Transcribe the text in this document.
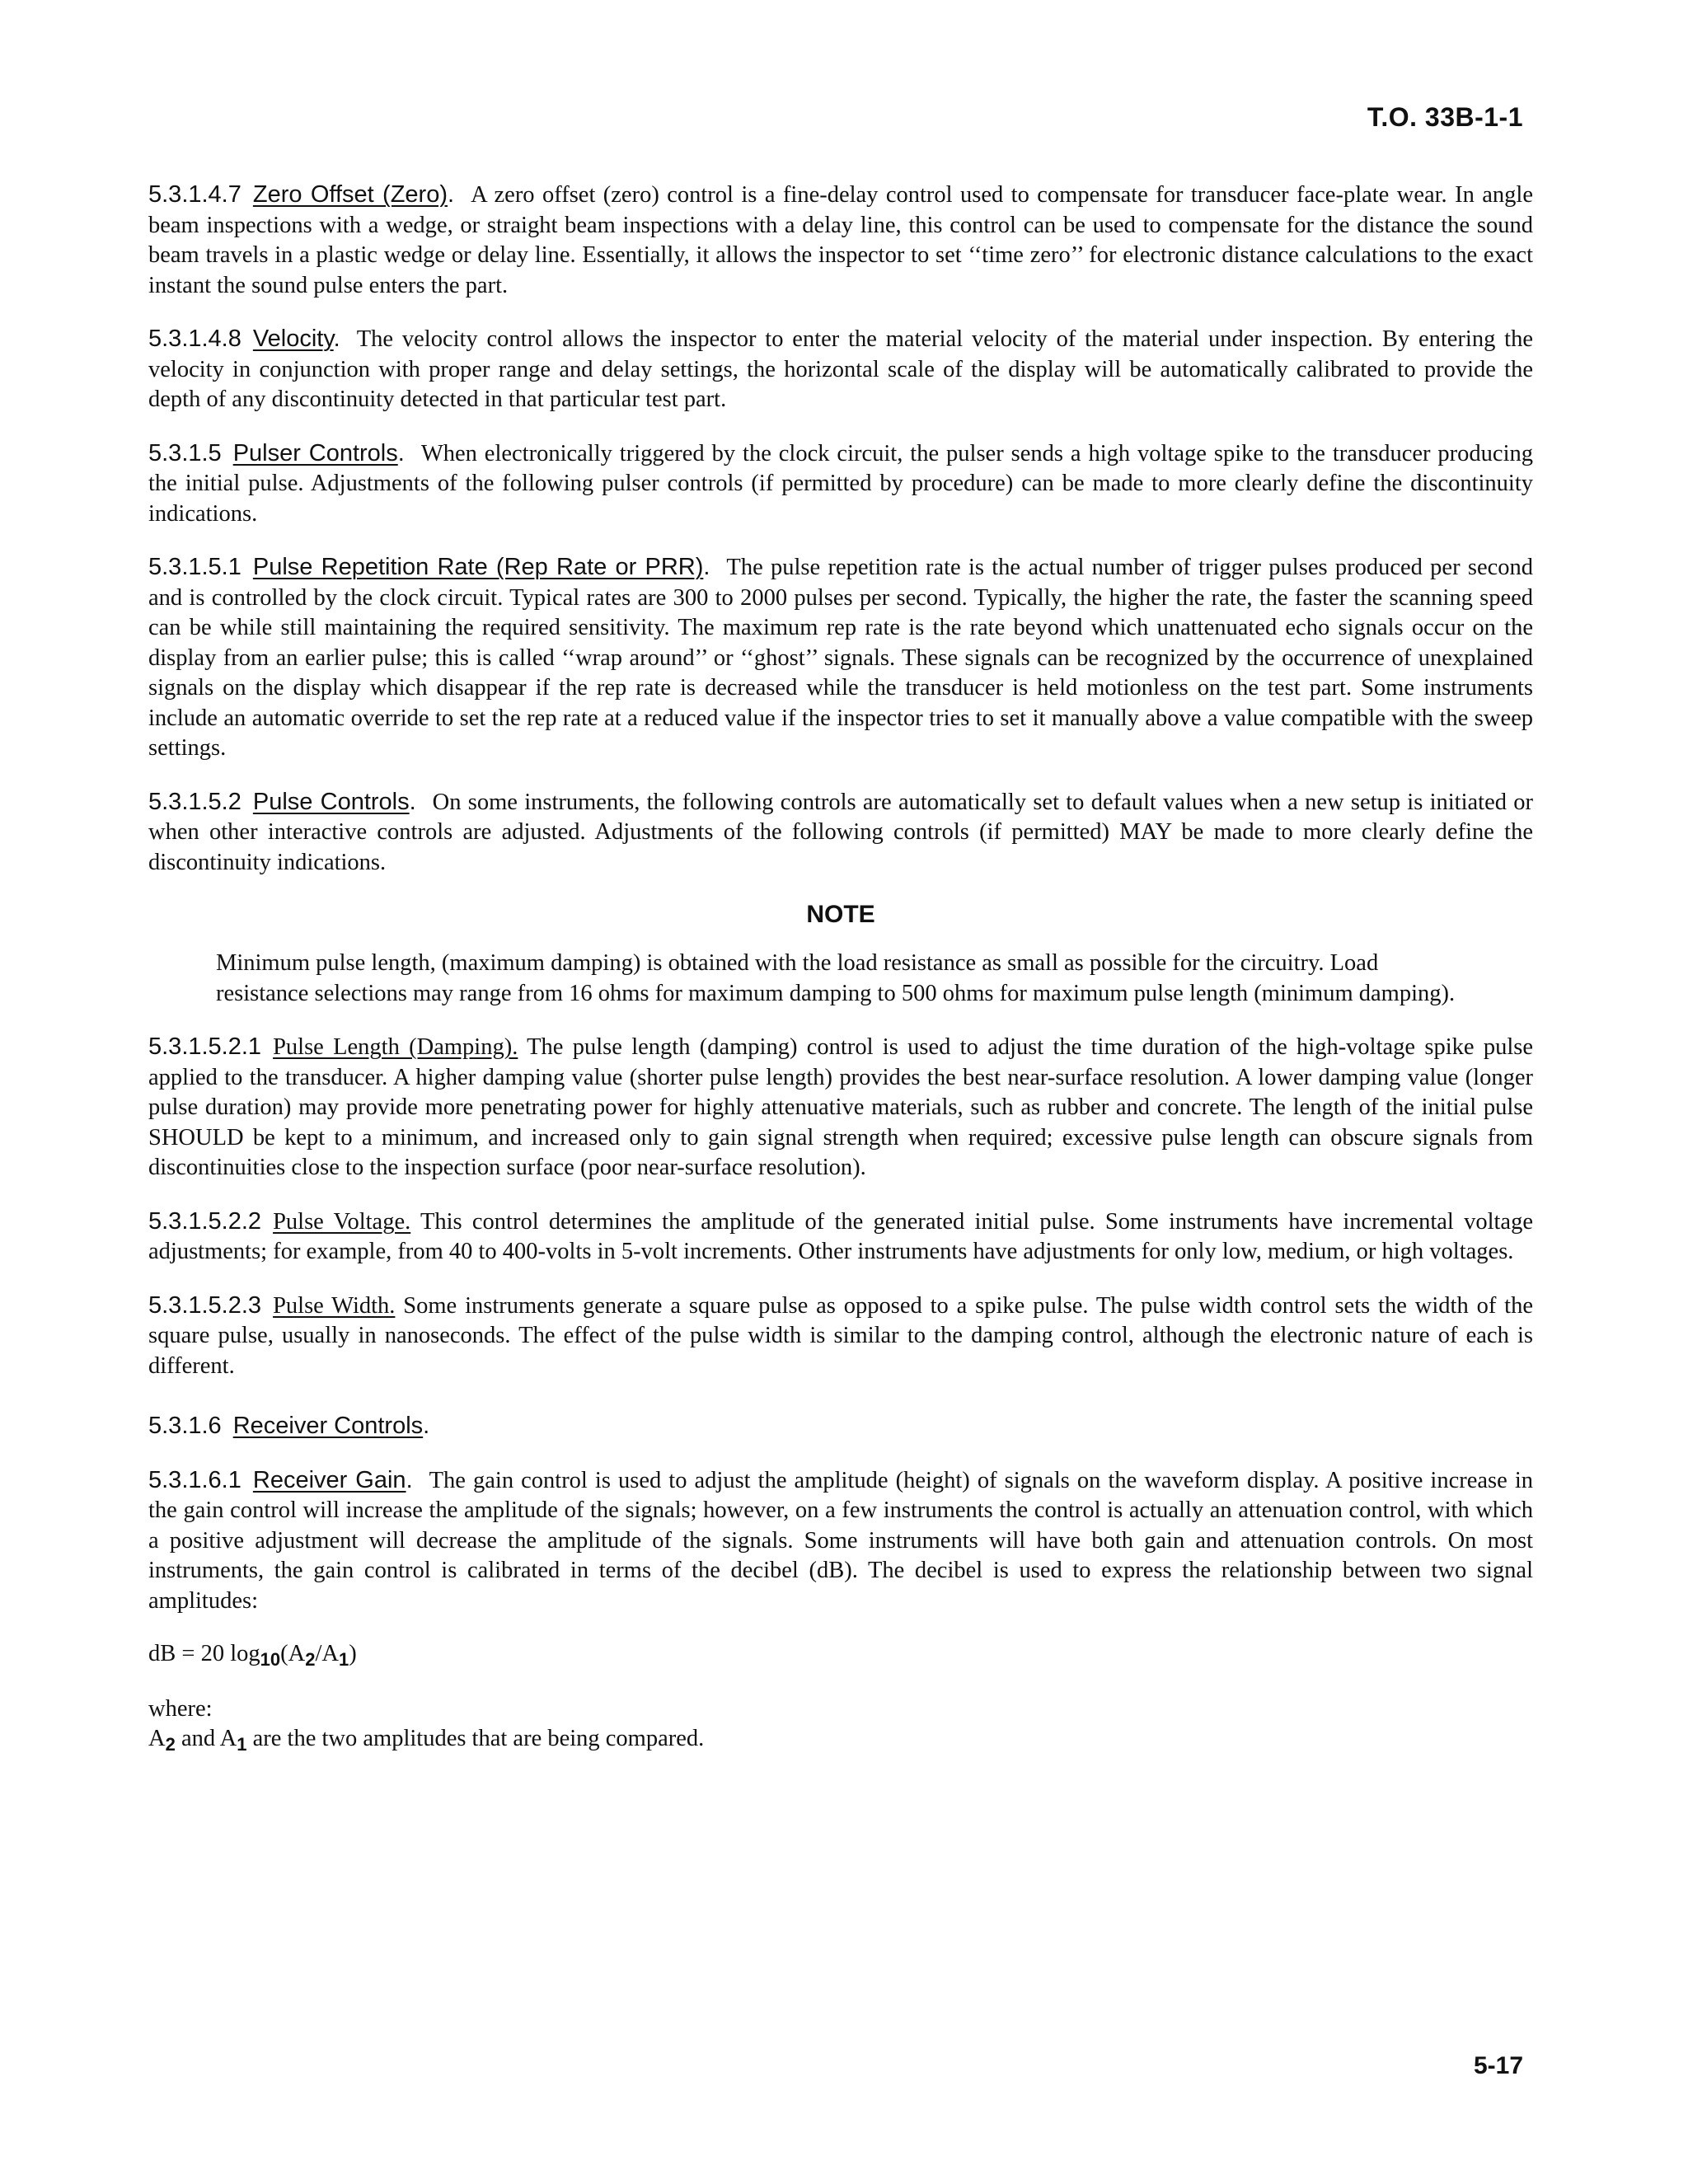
T.O. 33B-1-1

5.3.1.4.7 Zero Offset (Zero). A zero offset (zero) control is a fine-delay control used to compensate for transducer face-plate wear. In angle beam inspections with a wedge, or straight beam inspections with a delay line, this control can be used to compensate for the distance the sound beam travels in a plastic wedge or delay line. Essentially, it allows the inspector to set ‘‘time zero’’ for electronic distance calculations to the exact instant the sound pulse enters the part.

5.3.1.4.8 Velocity. The velocity control allows the inspector to enter the material velocity of the material under inspection. By entering the velocity in conjunction with proper range and delay settings, the horizontal scale of the display will be automatically calibrated to provide the depth of any discontinuity detected in that particular test part.

5.3.1.5 Pulser Controls. When electronically triggered by the clock circuit, the pulser sends a high voltage spike to the transducer producing the initial pulse. Adjustments of the following pulser controls (if permitted by procedure) can be made to more clearly define the discontinuity indications.

5.3.1.5.1 Pulse Repetition Rate (Rep Rate or PRR). The pulse repetition rate is the actual number of trigger pulses produced per second and is controlled by the clock circuit. Typical rates are 300 to 2000 pulses per second. Typically, the higher the rate, the faster the scanning speed can be while still maintaining the required sensitivity. The maximum rep rate is the rate beyond which unattenuated echo signals occur on the display from an earlier pulse; this is called ‘‘wrap around’’ or ‘‘ghost’’ signals. These signals can be recognized by the occurrence of unexplained signals on the display which disappear if the rep rate is decreased while the transducer is held motionless on the test part. Some instruments include an automatic override to set the rep rate at a reduced value if the inspector tries to set it manually above a value compatible with the sweep settings.

5.3.1.5.2 Pulse Controls. On some instruments, the following controls are automatically set to default values when a new setup is initiated or when other interactive controls are adjusted. Adjustments of the following controls (if permitted) MAY be made to more clearly define the discontinuity indications.

NOTE

Minimum pulse length, (maximum damping) is obtained with the load resistance as small as possible for the circuitry. Load resistance selections may range from 16 ohms for maximum damping to 500 ohms for maximum pulse length (minimum damping).

5.3.1.5.2.1 Pulse Length (Damping). The pulse length (damping) control is used to adjust the time duration of the high-voltage spike pulse applied to the transducer. A higher damping value (shorter pulse length) provides the best near-surface resolution. A lower damping value (longer pulse duration) may provide more penetrating power for highly attenuative materials, such as rubber and concrete. The length of the initial pulse SHOULD be kept to a minimum, and increased only to gain signal strength when required; excessive pulse length can obscure signals from discontinuities close to the inspection surface (poor near-surface resolution).

5.3.1.5.2.2 Pulse Voltage. This control determines the amplitude of the generated initial pulse. Some instruments have incremental voltage adjustments; for example, from 40 to 400-volts in 5-volt increments. Other instruments have adjustments for only low, medium, or high voltages.

5.3.1.5.2.3 Pulse Width. Some instruments generate a square pulse as opposed to a spike pulse. The pulse width control sets the width of the square pulse, usually in nanoseconds. The effect of the pulse width is similar to the damping control, although the electronic nature of each is different.

5.3.1.6 Receiver Controls.

5.3.1.6.1 Receiver Gain. The gain control is used to adjust the amplitude (height) of signals on the waveform display. A positive increase in the gain control will increase the amplitude of the signals; however, on a few instruments the control is actually an attenuation control, with which a positive adjustment will decrease the amplitude of the signals. Some instruments will have both gain and attenuation controls. On most instruments, the gain control is calibrated in terms of the decibel (dB). The decibel is used to express the relationship between two signal amplitudes:

dB = 20 $\log_{10}(A_2/A_1)$

where:

$A_2$ and $A_1$ are the two amplitudes that are being compared.

5-17
